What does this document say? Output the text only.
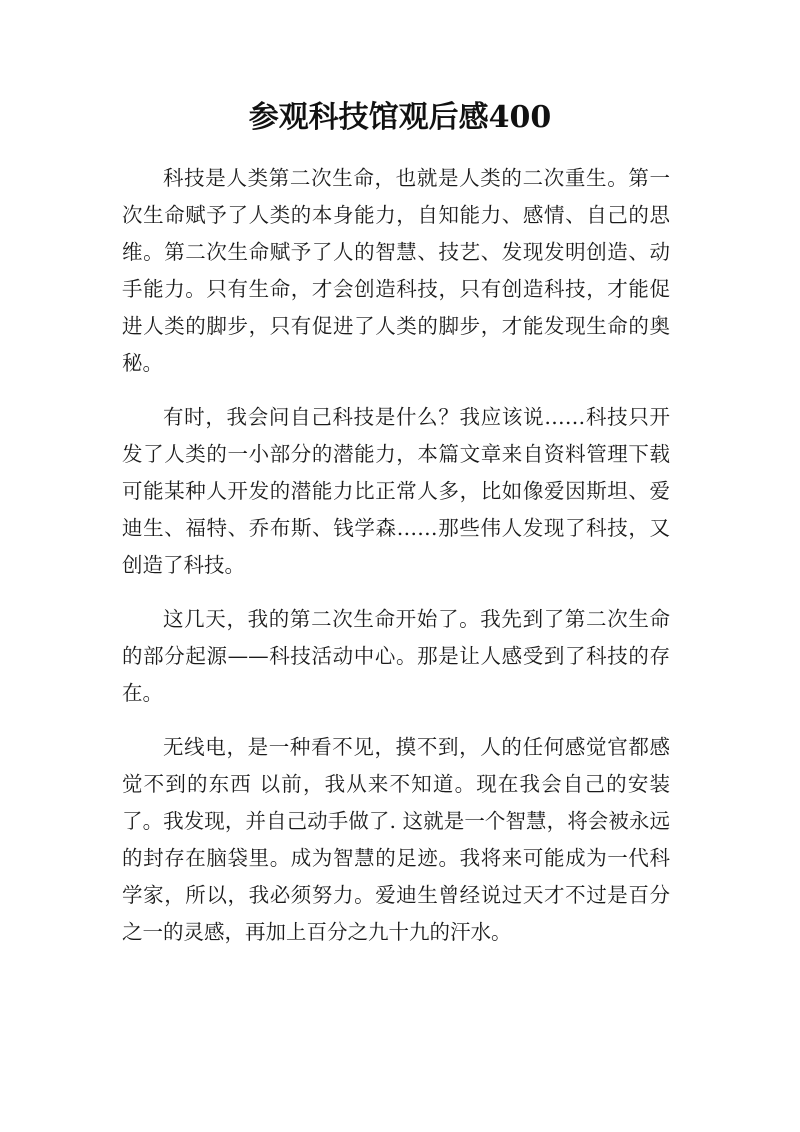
参观科技馆观后感400

科技是人类第二次生命，也就是人类的二次重生。第一次生命赋予了人类的本身能力，自知能力、感情、自己的思维。第二次生命赋予了人的智慧、技艺、发现发明创造、动手能力。只有生命，才会创造科技，只有创造科技，才能促进人类的脚步，只有促进了人类的脚步，才能发现生命的奥秘。

有时，我会问自己科技是什么？我应该说……科技只开发了人类的一小部分的潜能力，本篇文章来自资料管理下载 可能某种人开发的潜能力比正常人多，比如像爱因斯坦、爱迪生、福特、乔布斯、钱学森……那些伟人发现了科技，又创造了科技。

这几天，我的第二次生命开始了。我先到了第二次生命的部分起源——科技活动中心。那是让人感受到了科技的存在。

无线电，是一种看不见，摸不到，人的任何感觉官都感觉不到的东西 以前，我从来不知道。现在我会自己的安装了。我发现，并自己动手做了. 这就是一个智慧，将会被永远的封存在脑袋里。成为智慧的足迹。我将来可能成为一代科学家，所以，我必须努力。爱迪生曾经说过天才不过是百分之一的灵感，再加上百分之九十九的汗水。
